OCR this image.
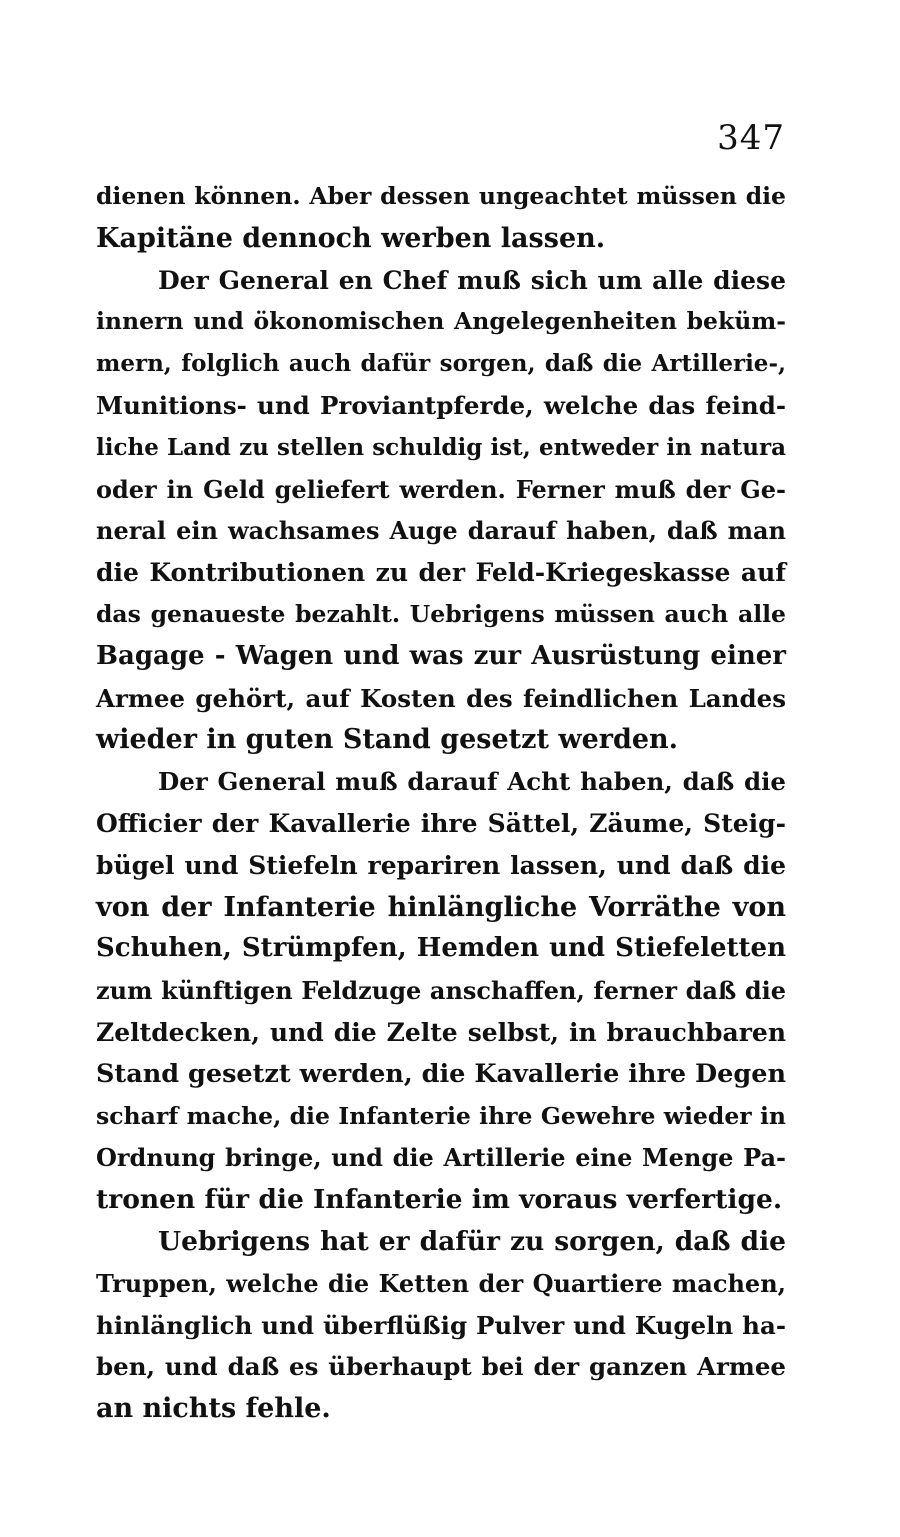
347
dienen können. Aber dessen ungeachtet müssen die
Kapitäne dennoch werben lassen.
Der General en Chef muß sich um alle diese
innern und ökonomischen Angelegenheiten beküm-
mern, folglich auch dafür sorgen, daß die Artillerie-,
Munitions- und Proviantpferde, welche das feind-
liche Land zu stellen schuldig ist, entweder in natura
oder in Geld geliefert werden. Ferner muß der Ge-
neral ein wachsames Auge darauf haben, daß man
die Kontributionen zu der Feld-Kriegeskasse auf
das genaueste bezahlt. Uebrigens müssen auch alle
Bagage - Wagen und was zur Ausrüstung einer
Armee gehört, auf Kosten des feindlichen Landes
wieder in guten Stand gesetzt werden.
Der General muß darauf Acht haben, daß die
Officier der Kavallerie ihre Sättel, Zäume, Steig-
bügel und Stiefeln repariren lassen, und daß die
von der Infanterie hinlängliche Vorräthe von
Schuhen, Strümpfen, Hemden und Stiefeletten
zum künftigen Feldzuge anschaffen, ferner daß die
Zeltdecken, und die Zelte selbst, in brauchbaren
Stand gesetzt werden, die Kavallerie ihre Degen
scharf mache, die Infanterie ihre Gewehre wieder in
Ordnung bringe, und die Artillerie eine Menge Pa-
tronen für die Infanterie im voraus verfertige.
Uebrigens hat er dafür zu sorgen, daß die
Truppen, welche die Ketten der Quartiere machen,
hinlänglich und überflüßig Pulver und Kugeln ha-
ben, und daß es überhaupt bei der ganzen Armee
an nichts fehle.
